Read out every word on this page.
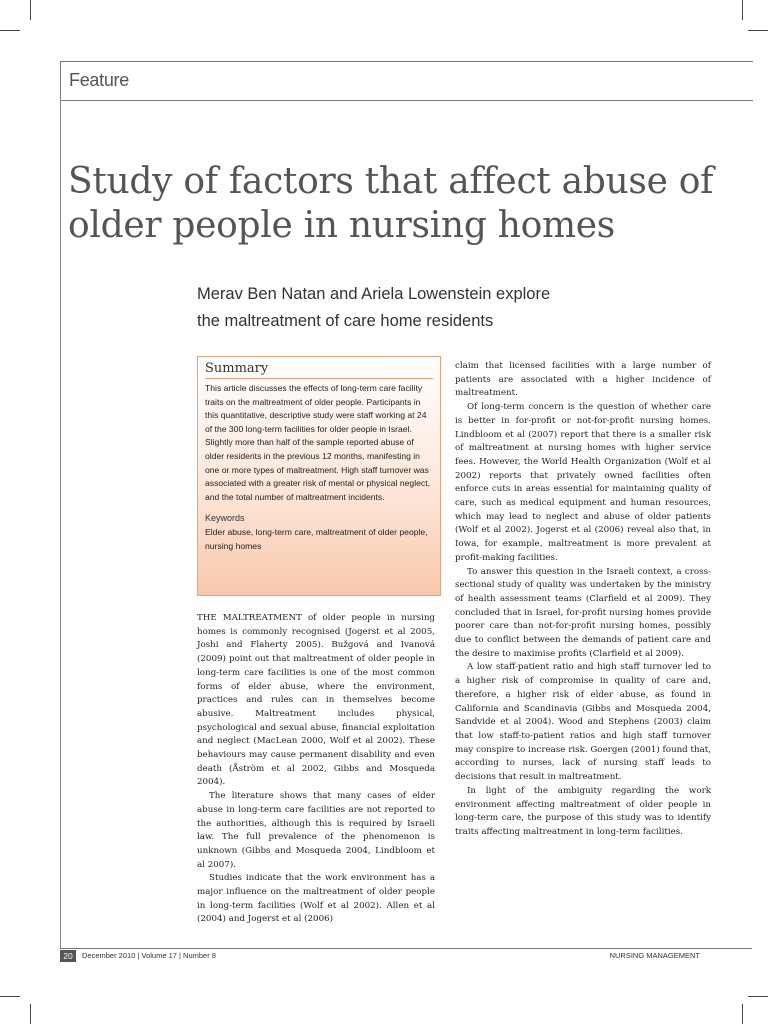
Feature
Study of factors that affect abuse of older people in nursing homes
Merav Ben Natan and Ariela Lowenstein explore
the maltreatment of care home residents
Summary

This article discusses the effects of long-term care facility traits on the maltreatment of older people. Participants in this quantitative, descriptive study were staff working at 24 of the 300 long-term facilities for older people in Israel. Slightly more than half of the sample reported abuse of older residents in the previous 12 months, manifesting in one or more types of maltreatment. High staff turnover was associated with a greater risk of mental or physical neglect, and the total number of maltreatment incidents.

Keywords

Elder abuse, long-term care, maltreatment of older people, nursing homes

THE MALTREATMENT of older people in nursing homes is commonly recognised (Jogerst et al 2005, Joshi and Flaherty 2005). Bužgová and Ivanová (2009) point out that maltreatment of older people in long-term care facilities is one of the most common forms of elder abuse, where the environment, practices and rules can in themselves become abusive. Maltreatment includes physical, psychological and sexual abuse, financial exploitation and neglect (MacLean 2000, Wolf et al 2002). These behaviours may cause permanent disability and even death (Åström et al 2002, Gibbs and Mosqueda 2004).

The literature shows that many cases of elder abuse in long-term care facilities are not reported to the authorities, although this is required by Israeli law. The full prevalence of the phenomenon is unknown (Gibbs and Mosqueda 2004, Lindbloom et al 2007).

Studies indicate that the work environment has a major influence on the maltreatment of older people in long-term facilities (Wolf et al 2002). Allen et al (2004) and Jogerst et al (2006)

claim that licensed facilities with a large number of patients are associated with a higher incidence of maltreatment.

Of long-term concern is the question of whether care is better in for-profit or not-for-profit nursing homes. Lindbloom et al (2007) report that there is a smaller risk of maltreatment at nursing homes with higher service fees. However, the World Health Organization (Wolf et al 2002) reports that privately owned facilities often enforce cuts in areas essential for maintaining quality of care, such as medical equipment and human resources, which may lead to neglect and abuse of older patients (Wolf et al 2002). Jogerst et al (2006) reveal also that, in Iowa, for example, maltreatment is more prevalent at profit-making facilities.

To answer this question in the Israeli context, a cross-sectional study of quality was undertaken by the ministry of health assessment teams (Clarfield et al 2009). They concluded that in Israel, for-profit nursing homes provide poorer care than not-for-profit nursing homes, possibly due to conflict between the demands of patient care and the desire to maximise profits (Clarfield et al 2009).

A low staff-patient ratio and high staff turnover led to a higher risk of compromise in quality of care and, therefore, a higher risk of elder abuse, as found in California and Scandinavia (Gibbs and Mosqueda 2004, Sandvide et al 2004). Wood and Stephens (2003) claim that low staff-to-patient ratios and high staff turnover may conspire to increase risk. Goergen (2001) found that, according to nurses, lack of nursing staff leads to decisions that result in maltreatment.

In light of the ambiguity regarding the work environment affecting maltreatment of older people in long-term care, the purpose of this study was to identify traits affecting maltreatment in long-term facilities.

20	December 2010 | Volume 17 | Number 8	NURSING MANAGEMENT
